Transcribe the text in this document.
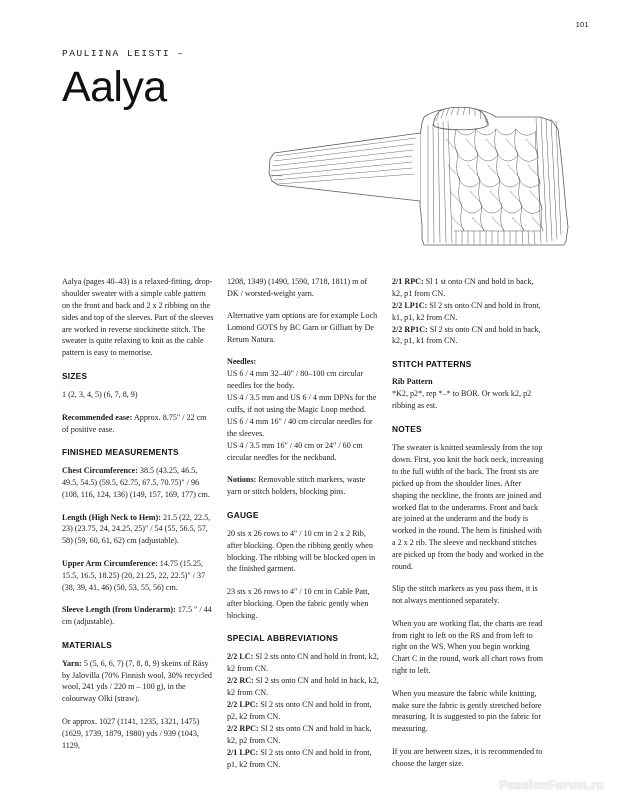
101
PAULIINA LEISTI –
Aalya

Aalya (pages 40–43) is a relaxed-fitting, drop-shoulder sweater with a simple cable pattern on the front and back and 2 x 2 ribbing on the sides and top of the sleeves. Part of the sleeves are worked in reverse stockinette stitch. The sweater is quite relaxing to knit as the cable pattern is easy to memorise.

SIZES

1 (2, 3, 4, 5) (6, 7, 8, 9)

Recommended ease: Approx. 8.75" / 22 cm of positive ease.

FINISHED MEASUREMENTS

Chest Circumference: 38.5 (43.25, 46.5, 49.5, 54.5) (59.5, 62.75, 67.5, 70.75)" / 96 (108, 116, 124, 136) (149, 157, 169, 177) cm.

Length (High Neck to Hem): 21.5 (22, 22.5, 23) (23.75, 24, 24.25, 25)" / 54 (55, 56.5, 57, 58) (59, 60, 61, 62) cm (adjustable).

Upper Arm Circumference: 14.75 (15.25, 15.5, 16.5, 18.25) (20, 21.25, 22, 22.5)" / 37 (38, 39, 41, 46) (50, 53, 55, 56) cm.

Sleeve Length (from Underarm): 17.5 " / 44 cm (adjustable).

MATERIALS

Yarn: 5 (5, 6, 6, 7) (7, 8, 8, 9) skeins of Räsy by Jalovilla (70% Finnish wool, 30% recycled wool, 241 yds / 220 m – 100 g), in the colourway Olki (straw).

Or approx. 1027 (1141, 1235, 1321, 1475) (1629, 1739, 1879, 1980) yds / 939 (1043, 1129,

1208, 1349) (1490, 1590, 1718, 1811) m of DK / worsted-weight yarn.

Alternative yarn options are for example Loch Lomond GOTS by BC Garn or Gilliatt by De Rerum Natura.

Needles:

US 6 / 4 mm 32–40" / 80–100 cm circular needles for the body.

US 4 / 3.5 mm and US 6 / 4 mm DPNs for the cuffs, if not using the Magic Loop method.

US 6 / 4 mm 16" / 40 cm circular needles for the sleeves.

US 4 / 3.5 mm 16" / 40 cm or 24" / 60 cm circular needles for the neckband.

Notions: Removable stitch markers, waste yarn or stitch holders, blocking pins.

GAUGE

20 sts x 26 rows to 4" / 10 cm in 2 x 2 Rib, after blocking. Open the ribbing gently when blocking. The ribbing will be blocked open in the finished garment.

23 sts x 26 rows to 4" / 10 cm in Cable Patt, after blocking. Open the fabric gently when blocking.

SPECIAL ABBREVIATIONS

2/2 LC: Sl 2 sts onto CN and hold in front, k2, k2 from CN.

2/2 RC: Sl 2 sts onto CN and hold in back, k2, k2 from CN.

2/2 LPC: Sl 2 sts onto CN and hold in front, p2, k2 from CN.

2/2 RPC: Sl 2 sts onto CN and hold in back, k2, p2 from CN.

2/1 LPC: Sl 2 sts onto CN and hold in front, p1, k2 from CN.

2/1 RPC: Sl 1 st onto CN and hold in back, k2, p1 from CN.

2/2 LP1C: Sl 2 sts onto CN and hold in front, k1, p1, k2 from CN.

2/2 RP1C: Sl 2 sts onto CN and hold in back, k2, p1, k1 from CN.

STITCH PATTERNS
Rib Pattern

*K2, p2*, rep *–* to BOR. Or work k2, p2 ribbing as est.

NOTES

The sweater is knitted seamlessly from the top down. First, you knit the back neck, increasing to the full width of the back. The front sts are picked up from the shoulder lines. After shaping the neckline, the fronts are joined and worked flat to the underarms. Front and back are joined at the underarm and the body is worked in the round. The hem is finished with a 2 x 2 rib. The sleeve and neckband stitches are picked up from the body and worked in the round.

Slip the stitch markers as you pass them, it is not always mentioned separately.

When you are working flat, the charts are read from right to left on the RS and from left to right on the WS. When you begin working Chart C in the round, work all chart rows from right to left.

When you measure the fabric while knitting, make sure the fabric is gently stretched before measuring. It is suggested to pin the fabric for measuring.

If you are between sizes, it is recommended to choose the larger size.

PassionForum.ru
